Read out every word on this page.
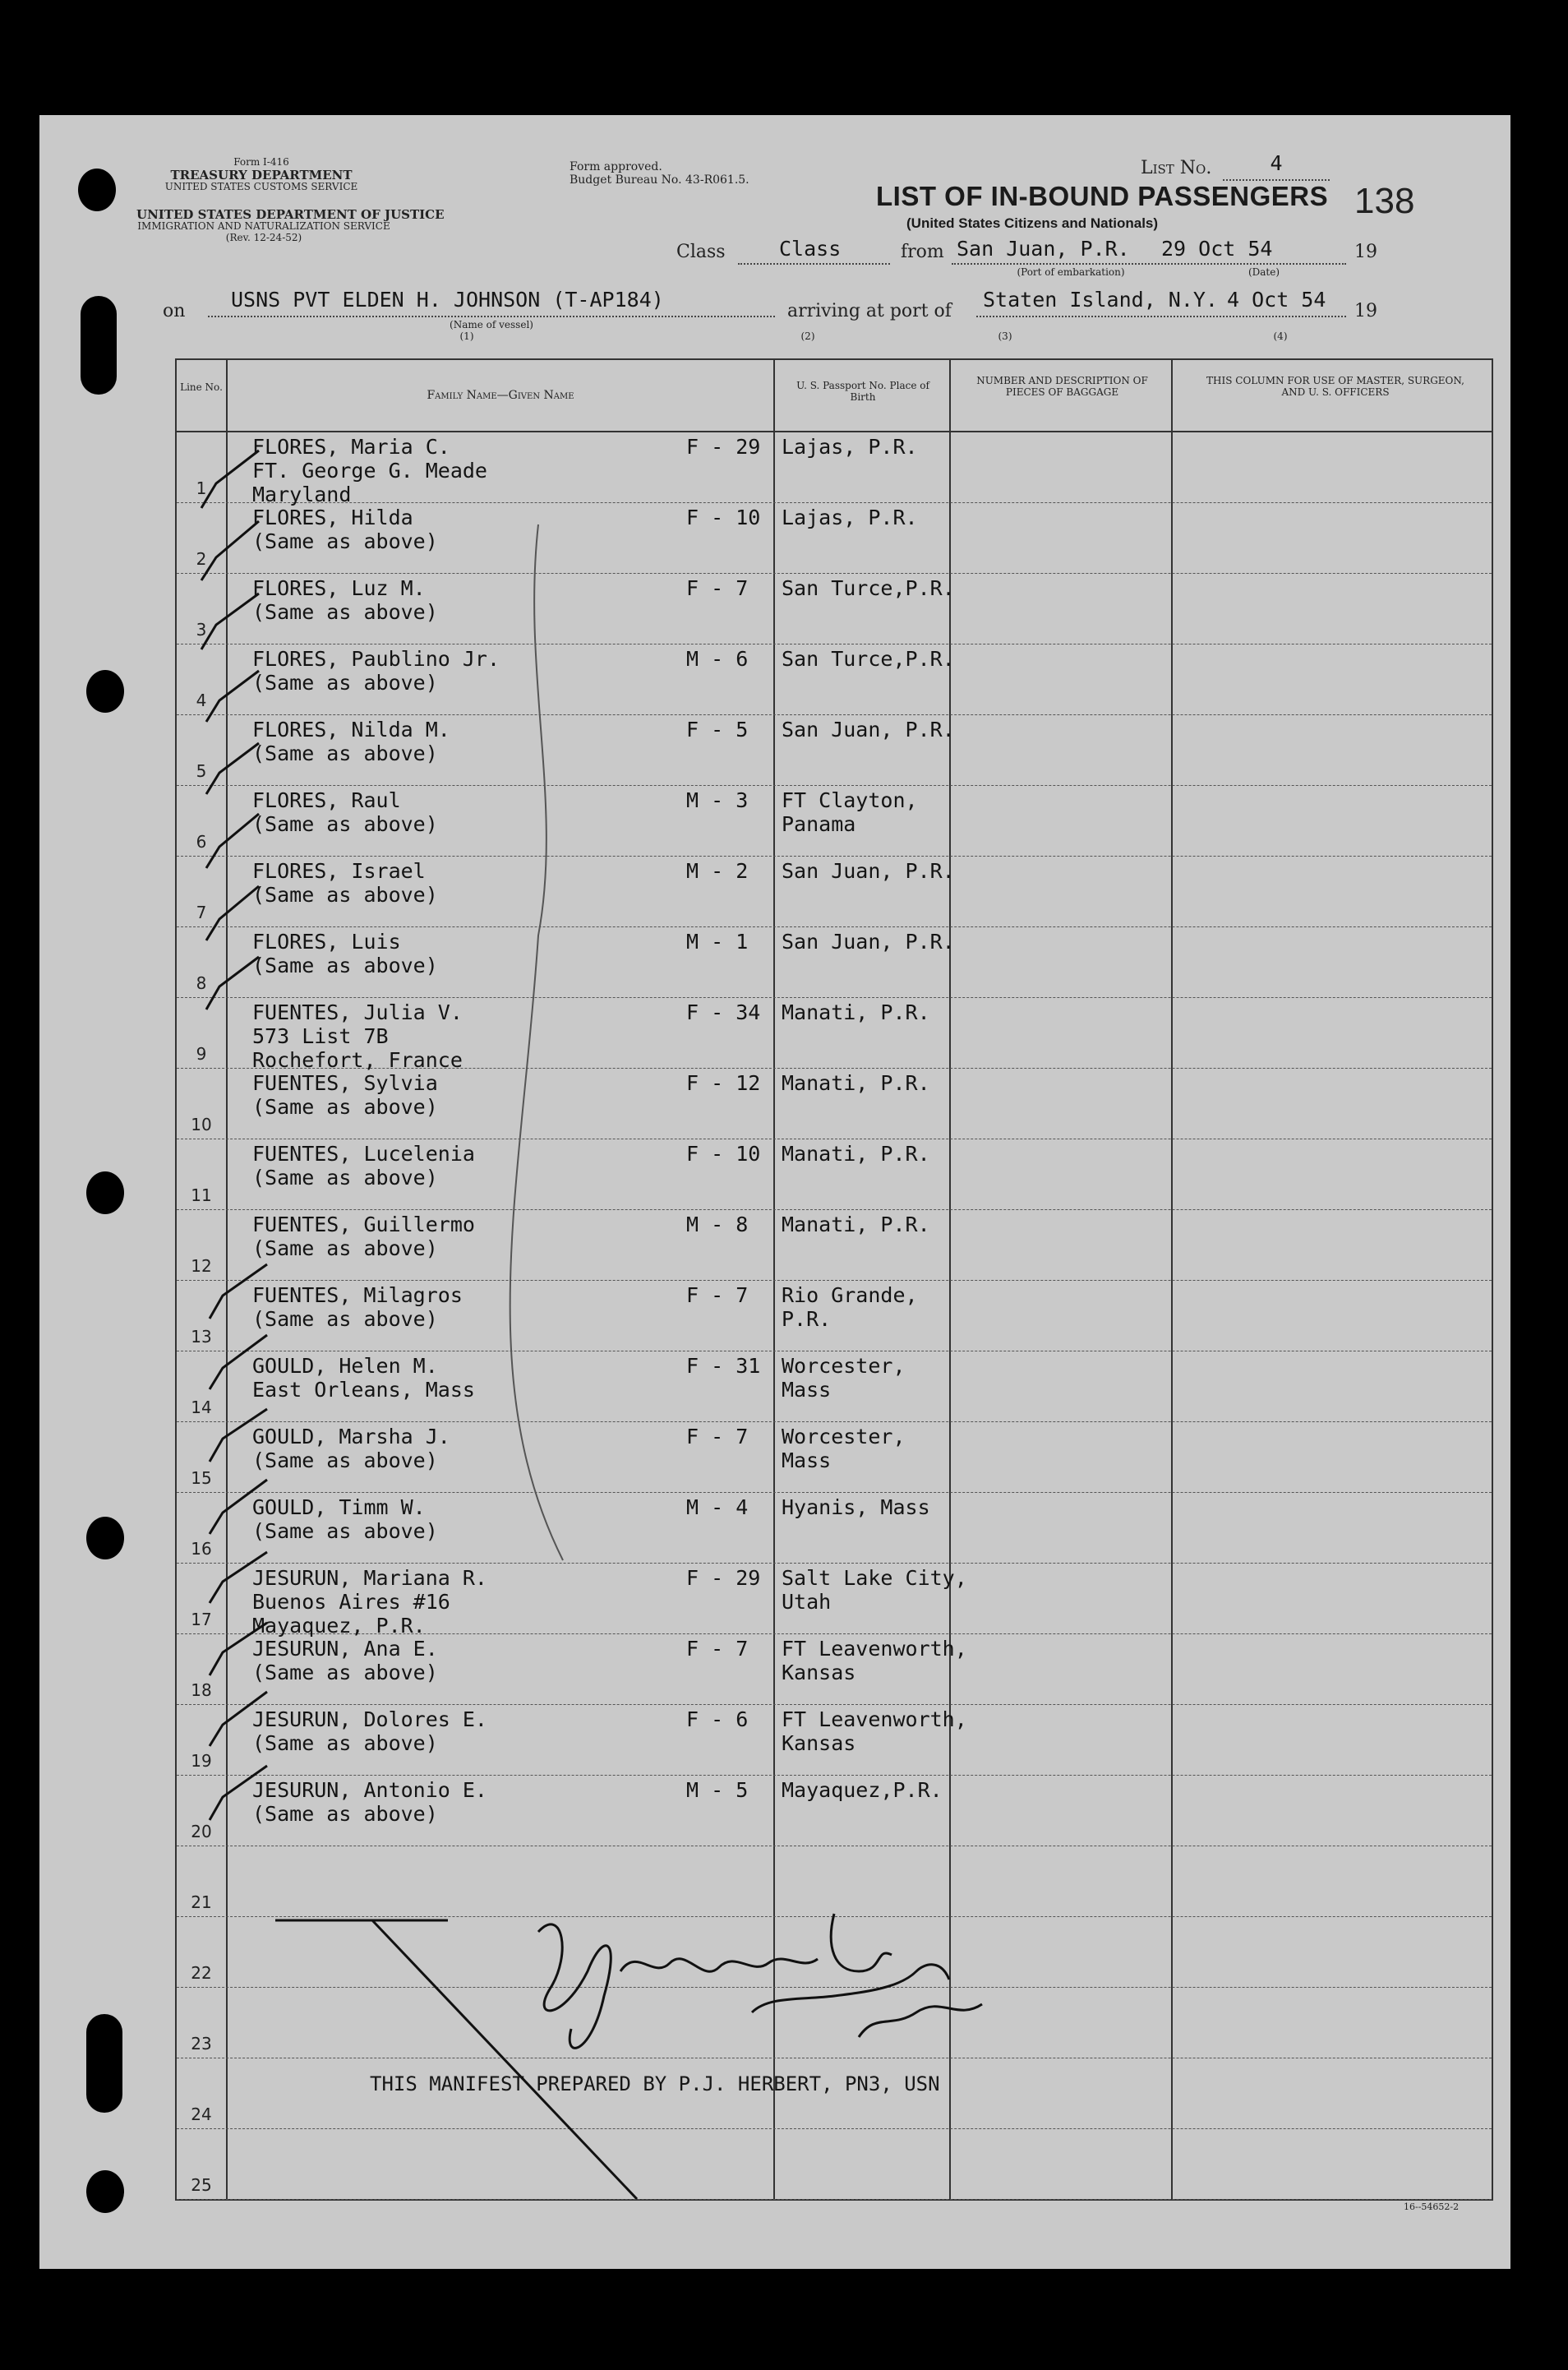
Form I-416
TREASURY DEPARTMENT
UNITED STATES CUSTOMS SERVICE
UNITED STATES DEPARTMENT OF JUSTICE
IMMIGRATION AND NATURALIZATION SERVICE
(Rev. 12-24-52)
Form approved.
Budget Bureau No. 43-R061.5.
List No.	4
138
LIST OF IN-BOUND PASSENGERS
(United States Citizens and Nationals)
Class	Class	from San Juan, P.R. 29 Oct 54	19
(Port of embarkation)	(Date)
on USNS PVT ELDEN H. JOHNSON (T-AP184)
(Name of vessel)
arriving at port of Staten Island, N.Y. 4 Oct 54 19
(1)	(2)	(3)	(4)
Line No.
Family Name—Given Name
U. S. Passport No. Place of Birth
NUMBER AND DESCRIPTION OF PIECES OF BAGGAGE
THIS COLUMN FOR USE OF MASTER, SURGEON, AND U. S. OFFICERS
1
FLORES, Maria C.
FT. George G. Meade
Maryland
F - 29 Lajas, P.R.
2
FLORES, Hilda
(Same as above)
F - 10 Lajas, P.R.
3
FLORES, Luz M.
(Same as above)
F - 7 San Turce,P.R.
4
FLORES, Paublino Jr.
(Same as above)
M - 6 San Turce,P.R.
5
FLORES, Nilda M.
(Same as above)
F - 5 San Juan, P.R.
6
FLORES, Raul
(Same as above)
M - 3 FT Clayton,
Panama
7
FLORES, Israel
(Same as above)
M - 2 San Juan, P.R.
8
FLORES, Luis
(Same as above)
M - 1 San Juan, P.R.
9
FUENTES, Julia V.
573 List 7B
Rochefort, France
F - 34 Manati, P.R.
10
FUENTES, Sylvia
(Same as above)
F - 12 Manati, P.R.
11
FUENTES, Lucelenia
(Same as above)
F - 10 Manati, P.R.
12
FUENTES, Guillermo
(Same as above)
M - 8 Manati, P.R.
13
FUENTES, Milagros
(Same as above)
F - 7 Rio Grande,
P.R.
14
GOULD, Helen M.
East Orleans, Mass
F - 31 Worcester,
Mass
15
GOULD, Marsha J.
(Same as above)
F - 7 Worcester,
Mass
16
GOULD, Timm W.
(Same as above)
M - 4 Hyanis, Mass
17
JESURUN, Mariana R.
Buenos Aires #16
Mayaquez, P.R.
F - 29 Salt Lake City,
Utah
18
JESURUN, Ana E.
(Same as above)
F - 7 FT Leavenworth,
Kansas
19
JESURUN, Dolores E.
(Same as above)
F - 6 FT Leavenworth,
Kansas
20
JESURUN, Antonio E.
(Same as above)
M - 5 Mayaquez,P.R.
21
22
23
24
25
THIS MANIFEST PREPARED BY P.J. HERBERT, PN3, USN
16--54652-2
